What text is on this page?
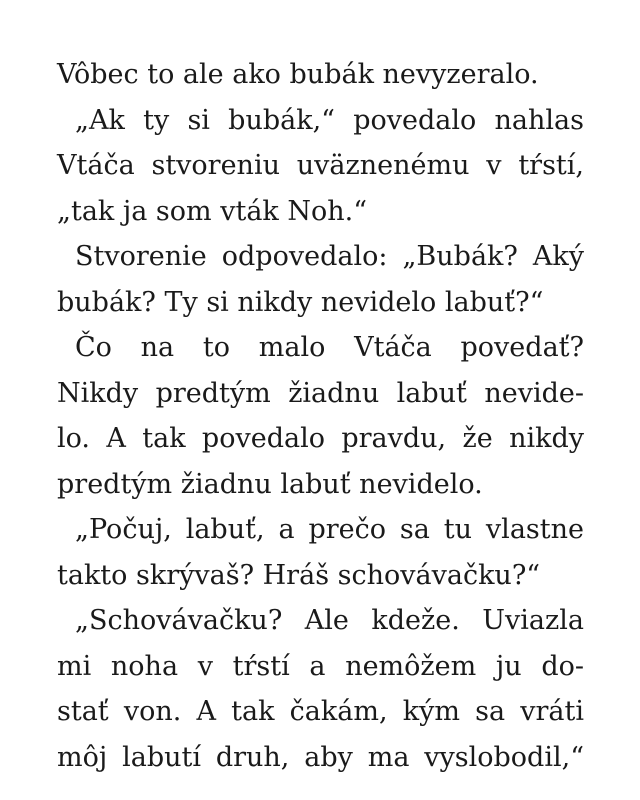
Vôbec to ale ako bubák nevyzeralo.
„Ak ty si bubák,“ povedalo nahlas
Vtáča stvoreniu uväznenému v tŕstí,
„tak ja som vták Noh.“
Stvorenie odpovedalo: „Bubák? Aký
bubák? Ty si nikdy nevidelo labuť?“
Čo na to malo Vtáča povedať?
Nikdy predtým žiadnu labuť nevide-
lo. A tak povedalo pravdu, že nikdy
predtým žiadnu labuť nevidelo.
„Počuj, labuť, a prečo sa tu vlastne
takto skrývaš? Hráš schovávačku?“
„Schovávačku? Ale kdeže. Uviazla
mi noha v tŕstí a nemôžem ju do-
stať von. A tak čakám, kým sa vráti
môj labutí druh, aby ma vyslobodil,“
